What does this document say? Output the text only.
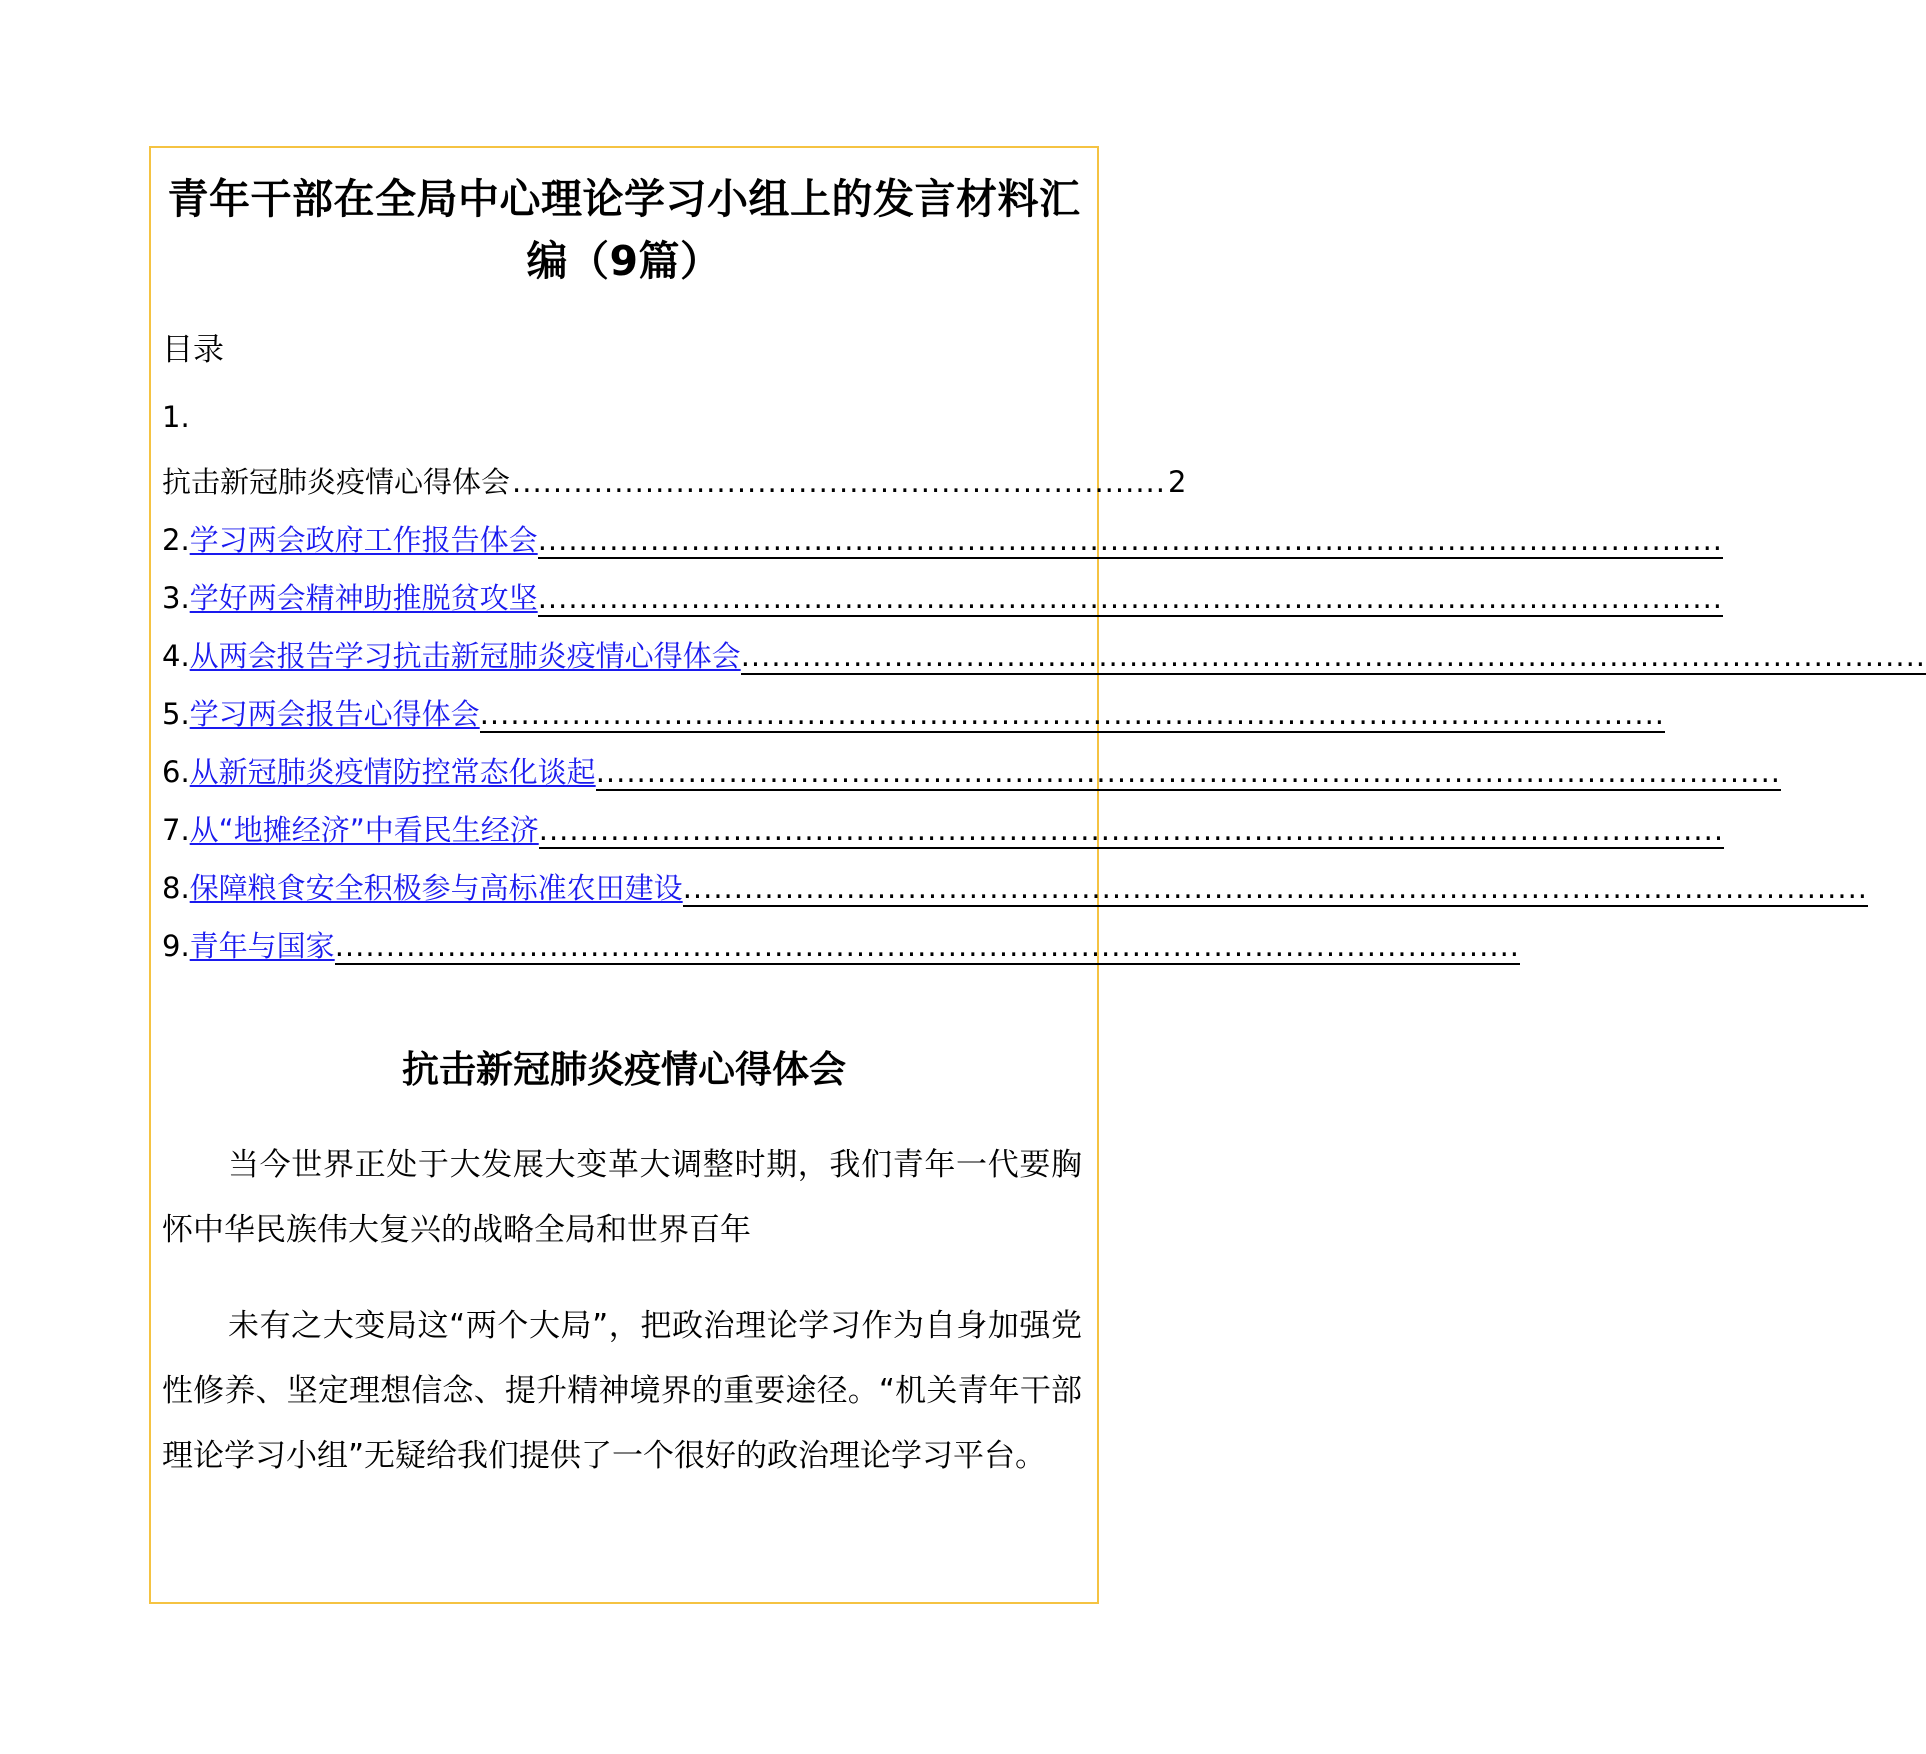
青年干部在全局中心理论学习小组上的发言材料汇编（9篇）
目录
1.
抗击新冠肺炎疫情心得体会 ................................................................ 2
2. 学习两会政府工作报告体会 ....................................................................................................................
3. 学好两会精神助推脱贫攻坚 ....................................................................................................................
4. 从两会报告学习抗击新冠肺炎疫情心得体会 ....................................................................................................................
5. 学习两会报告心得体会 ....................................................................................................................
6. 从新冠肺炎疫情防控常态化谈起 ....................................................................................................................
7. 从“地摊经济”中看民生经济 ....................................................................................................................
8. 保障粮食安全积极参与高标准农田建设 ....................................................................................................................
9. 青年与国家 ....................................................................................................................
抗击新冠肺炎疫情心得体会
当今世界正处于大发展大变革大调整时期，我们青年一代要胸怀中华民族伟大复兴的战略全局和世界百年
未有之大变局这“两个大局”，把政治理论学习作为自身加强党性修养、坚定理想信念、提升精神境界的重要途径。“机关青年干部理论学习小组”无疑给我们提供了一个很好的政治理论学习平台。
